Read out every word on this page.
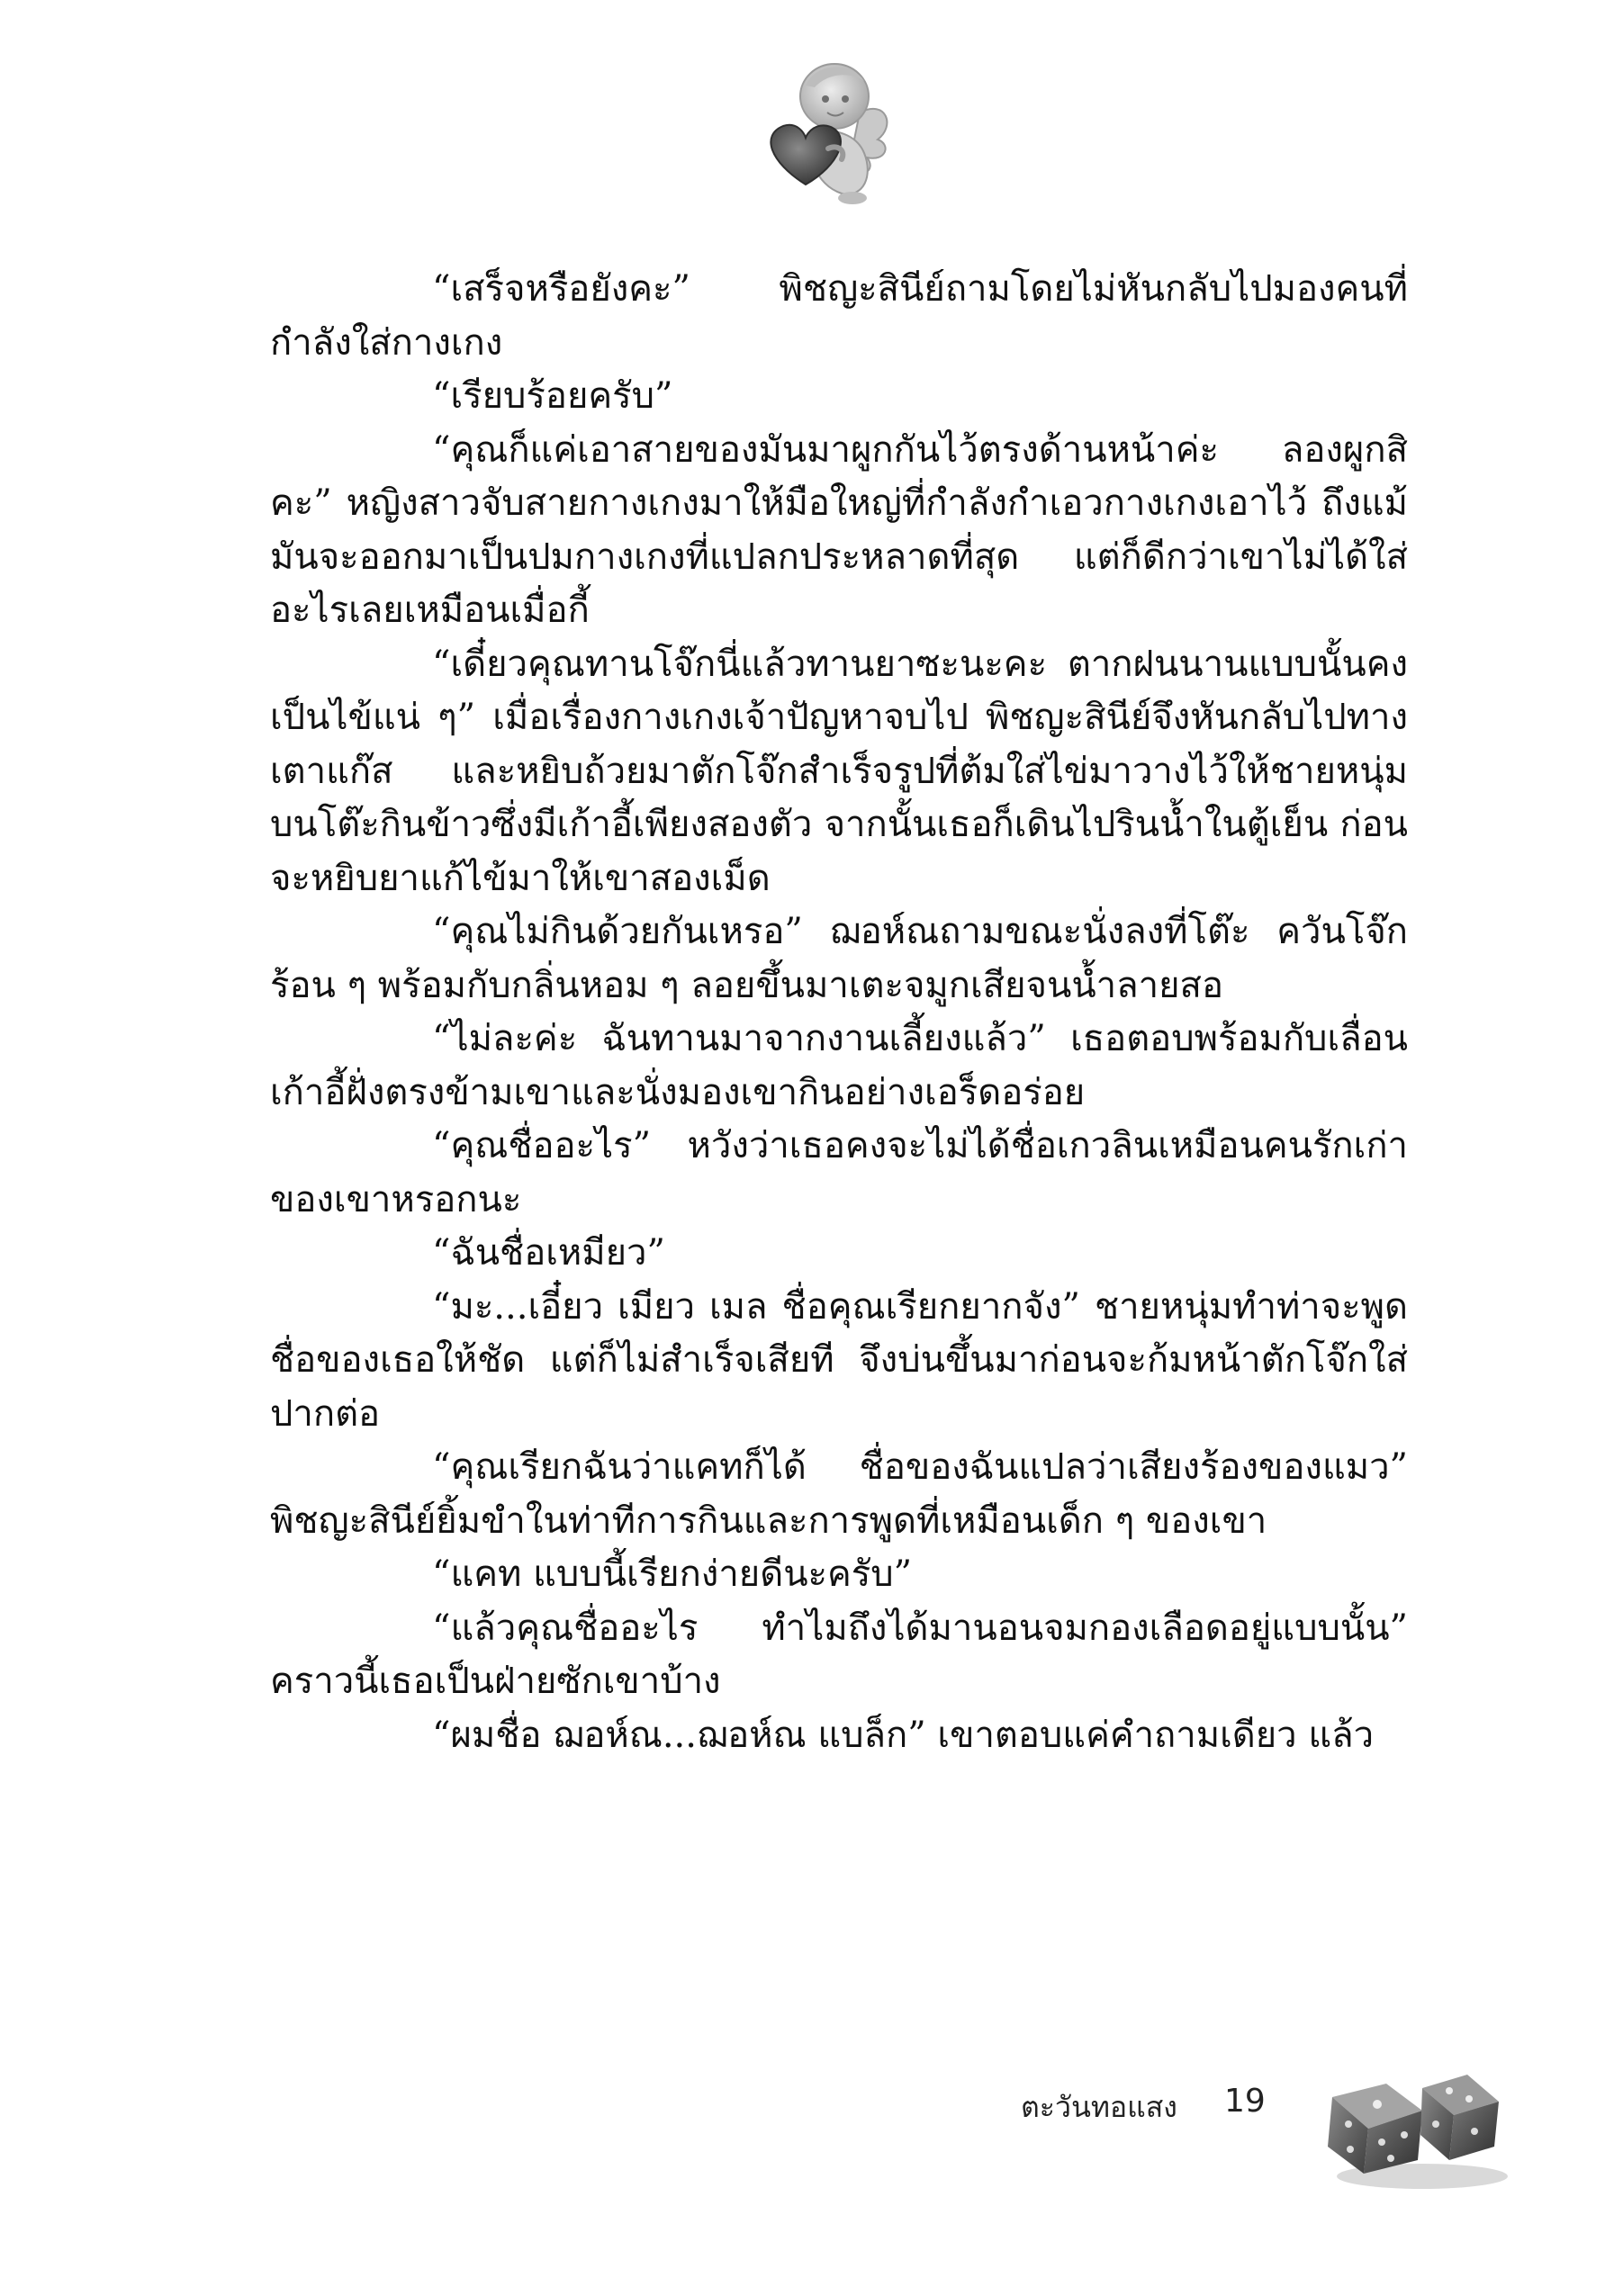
“เสร็จหรือยังคะ” พิชญะสินีย์ถามโดยไม่หันกลับไปมองคนที่กำลังใส่กางเกง

“เรียบร้อยครับ”

“คุณก็แค่เอาสายของมันมาผูกกันไว้ตรงด้านหน้าค่ะ ลองผูกสิคะ” หญิงสาวจับสายกางเกงมาให้มือใหญ่ที่กำลังกำเอวกางเกงเอาไว้ ถึงแม้มันจะออกมาเป็นปมกางเกงที่แปลกประหลาดที่สุด แต่ก็ดีกว่าเขาไม่ได้ใส่อะไรเลยเหมือนเมื่อกี้

“เดี๋ยวคุณทานโจ๊กนี่แล้วทานยาซะนะคะ ตากฝนนานแบบนั้นคงเป็นไข้แน่ ๆ” เมื่อเรื่องกางเกงเจ้าปัญหาจบไป พิชญะสินีย์จึงหันกลับไปทางเตาแก๊ส และหยิบถ้วยมาตักโจ๊กสำเร็จรูปที่ต้มใส่ไข่มาวางไว้ให้ชายหนุ่มบนโต๊ะกินข้าวซึ่งมีเก้าอี้เพียงสองตัว จากนั้นเธอก็เดินไปรินน้ำในตู้เย็น ก่อนจะหยิบยาแก้ไข้มาให้เขาสองเม็ด

“คุณไม่กินด้วยกันเหรอ” ฌอห์ณถามขณะนั่งลงที่โต๊ะ ควันโจ๊กร้อน ๆ พร้อมกับกลิ่นหอม ๆ ลอยขึ้นมาเตะจมูกเสียจนน้ำลายสอ

“ไม่ละค่ะ ฉันทานมาจากงานเลี้ยงแล้ว” เธอตอบพร้อมกับเลื่อนเก้าอี้ฝั่งตรงข้ามเขาและนั่งมองเขากินอย่างเอร็ดอร่อย

“คุณชื่ออะไร” หวังว่าเธอคงจะไม่ได้ชื่อเกวลินเหมือนคนรักเก่าของเขาหรอกนะ

“ฉันชื่อเหมียว”

“มะ...เอี๋ยว เมียว เมล ชื่อคุณเรียกยากจัง” ชายหนุ่มทำท่าจะพูดชื่อของเธอให้ชัด แต่ก็ไม่สำเร็จเสียที จึงบ่นขึ้นมาก่อนจะก้มหน้าตักโจ๊กใส่ปากต่อ

“คุณเรียกฉันว่าแคทก็ได้ ชื่อของฉันแปลว่าเสียงร้องของแมว” พิชญะสินีย์ยิ้มขำในท่าทีการกินและการพูดที่เหมือนเด็ก ๆ ของเขา

“แคท แบบนี้เรียกง่ายดีนะครับ”

“แล้วคุณชื่ออะไร ทำไมถึงได้มานอนจมกองเลือดอยู่แบบนั้น” คราวนี้เธอเป็นฝ่ายซักเขาบ้าง

“ผมชื่อ ฌอห์ณ...ฌอห์ณ แบล็ก” เขาตอบแค่คำถามเดียว แล้ว

ตะวันทอแสง 19
